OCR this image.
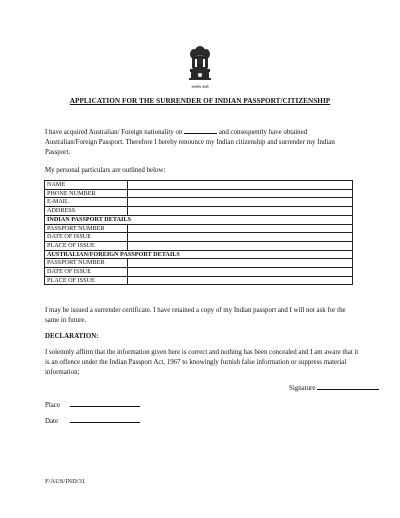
सत्यमेव जयते
APPLICATION FOR THE SURRENDER OF INDIAN PASSPORT/CITIZENSHIP

I have acquired Australian/ Foreign nationality on	and consequently have obtained Australian/Foreign Passport. Therefore I hereby renounce my Indian citizenship and surrender my Indian Passport.

My personal particulars are outlined below:

NAME	
PHONE NUMBER	
E-MAIL	
ADDRESS	
INDIAN PASSPORT DETAILS	
PASSPORT NUMBER	
DATE OF ISSUE	
PLACE OF ISSUE	
AUSTRALIAN/FOREIGN PASSPORT DETAILS	
PASSPORT NUMBER	
DATE OF ISSUE	
PLACE OF ISSUE	

I may be issued a surrender certificate. I have retained a copy of my Indian passport and I will not ask for the same in future.

DECLARATION:

I solemnly affirm that the information given here is correct and nothing has been concealed and I am aware that it is an offence under the Indian Passport Act, 1967 to knowingly furnish false information or suppress material information;

Signature
Place
Date
F/AUS/IND/31
